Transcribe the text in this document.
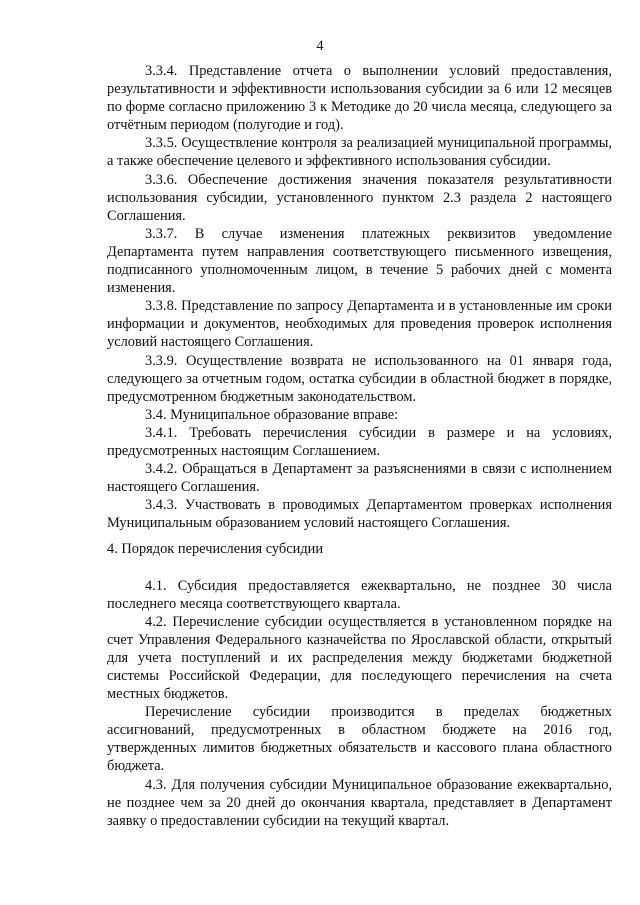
4

3.3.4. Представление отчета о выполнении условий предоставления, результативности и эффективности использования субсидии за 6 или 12 месяцев по форме согласно приложению 3 к Методике до 20 числа месяца, следующего за отчётным периодом (полугодие и год).

3.3.5. Осуществление контроля за реализацией муниципальной программы, а также обеспечение целевого и эффективного использования субсидии.

3.3.6. Обеспечение достижения значения показателя результативности использования субсидии, установленного пунктом 2.3 раздела 2 настоящего Соглашения.

3.3.7. В случае изменения платежных реквизитов уведомление Департамента путем направления соответствующего письменного извещения, подписанного уполномоченным лицом, в течение 5 рабочих дней с момента изменения.

3.3.8. Представление по запросу Департамента и в установленные им сроки информации и документов, необходимых для проведения проверок исполнения условий настоящего Соглашения.

3.3.9. Осуществление возврата не использованного на 01 января года, следующего за отчетным годом, остатка субсидии в областной бюджет в порядке, предусмотренном бюджетным законодательством.

3.4. Муниципальное образование вправе:

3.4.1. Требовать перечисления субсидии в размере и на условиях, предусмотренных настоящим Соглашением.

3.4.2. Обращаться в Департамент за разъяснениями в связи с исполнением настоящего Соглашения.

3.4.3. Участвовать в проводимых Департаментом проверках исполнения Муниципальным образованием условий настоящего Соглашения.

4. Порядок перечисления субсидии

4.1. Субсидия предоставляется ежеквартально, не позднее 30 числа последнего месяца соответствующего квартала.

4.2. Перечисление субсидии осуществляется в установленном порядке на счет Управления Федерального казначейства по Ярославской области, открытый для учета поступлений и их распределения между бюджетами бюджетной системы Российской Федерации, для последующего перечисления на счета местных бюджетов.

Перечисление субсидии производится в пределах бюджетных ассигнований, предусмотренных в областном бюджете на 2016 год, утвержденных лимитов бюджетных обязательств и кассового плана областного бюджета.

4.3. Для получения субсидии Муниципальное образование ежеквартально, не позднее чем за 20 дней до окончания квартала, представляет в Департамент заявку о предоставлении субсидии на текущий квартал.
